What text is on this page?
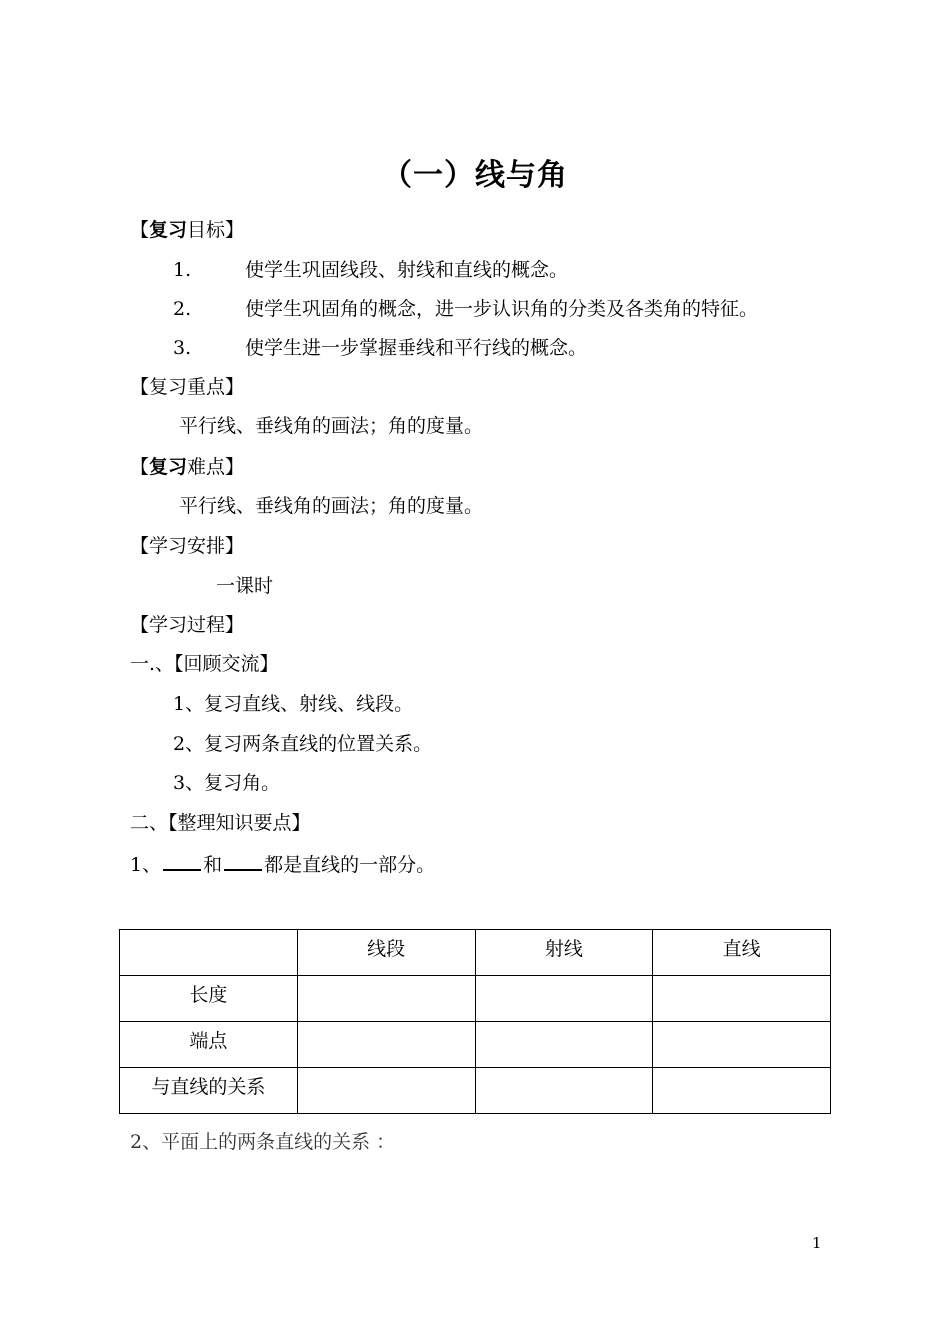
（一）线与角
【复习目标】
1.	使学生巩固线段、射线和直线的概念。
2.	使学生巩固角的概念，进一步认识角的分类及各类角的特征。
3.	使学生进一步掌握垂线和平行线的概念。
【复习重点】
平行线、垂线角的画法；角的度量。
【复习难点】
平行线、垂线角的画法；角的度量。
【学习安排】
一课时
【学习过程】
一.、【回顾交流】
1、复习直线、射线、线段。
2、复习两条直线的位置关系。
3、复习角。
二、【整理知识要点】
1、 和 都是直线的一部分。
	线段	射线	直线
长度			
端点			
与直线的关系			
2、平面上的两条直线的关系 ：
1
